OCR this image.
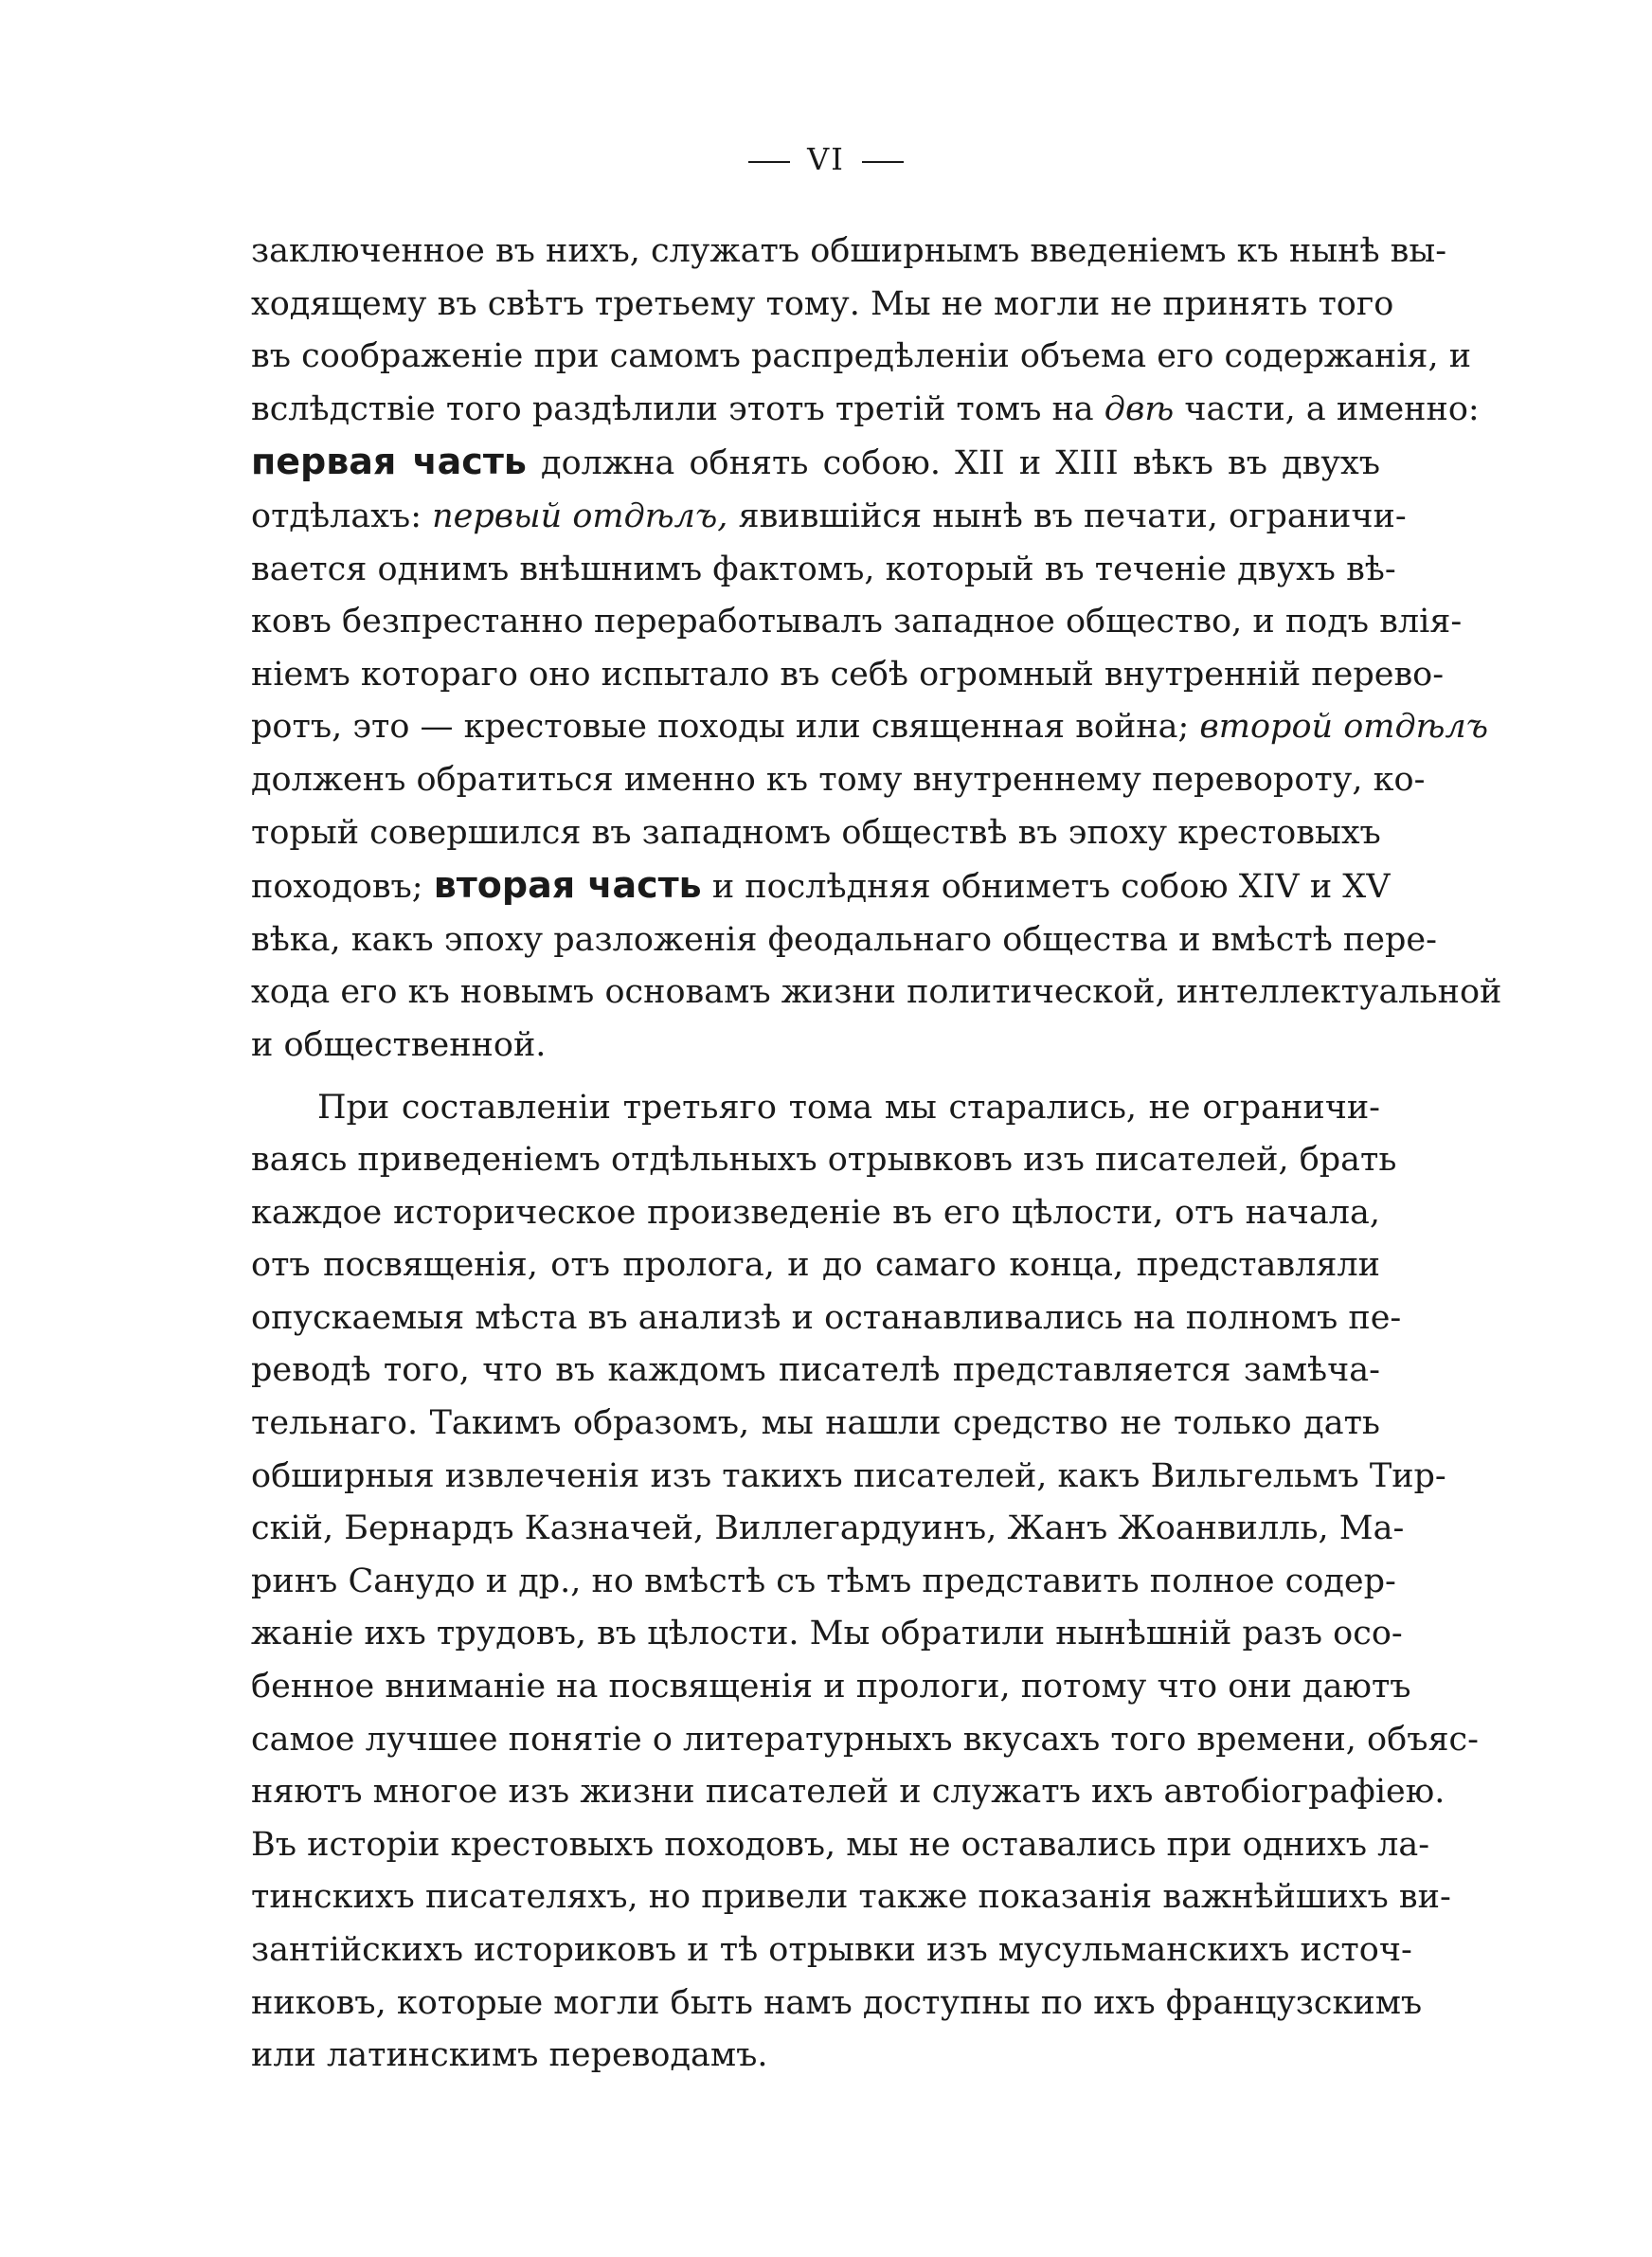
VI
заключенное въ нихъ, служатъ обширнымъ введеніемъ къ нынѣ вы-
ходящему въ свѣтъ третьему тому. Мы не могли не принять того
въ соображеніе при самомъ распредѣленіи объема его содержанія, и
вслѣдствіе того раздѣлили этотъ третій томъ на двѣ части, а именно:
первая часть должна обнять собою. XII и XIII вѣкъ въ двухъ
отдѣлахъ: первый отдѣлъ, явившійся нынѣ въ печати, ограничи-
вается однимъ внѣшнимъ фактомъ, который въ теченіе двухъ вѣ-
ковъ безпрестанно переработывалъ западное общество, и подъ влія-
ніемъ котораго оно испытало въ себѣ огромный внутренній перево-
ротъ, это — крестовые походы или священная война; второй отдѣлъ
долженъ обратиться именно къ тому внутреннему перевороту, ко-
торый совершился въ западномъ обществѣ въ эпоху крестовыхъ
походовъ; вторая часть и послѣдняя обниметъ собою XIV и XV
вѣка, какъ эпоху разложенія феодальнаго общества и вмѣстѣ пере-
хода его къ новымъ основамъ жизни политической, интеллектуальной
и общественной.
При составленіи третьяго тома мы старались, не ограничи-
ваясь приведеніемъ отдѣльныхъ отрывковъ изъ писателей, брать
каждое историческое произведеніе въ его цѣлости, отъ начала,
отъ посвященія, отъ пролога, и до самаго конца, представляли
опускаемыя мѣста въ анализѣ и останавливались на полномъ пе-
реводѣ того, что въ каждомъ писателѣ представляется замѣча-
тельнаго. Такимъ образомъ, мы нашли средство не только дать
обширныя извлеченія изъ такихъ писателей, какъ Вильгельмъ Тир-
скій, Бернардъ Казначей, Виллегардуинъ, Жанъ Жоанвилль, Ма-
ринъ Санудо и др., но вмѣстѣ съ тѣмъ представить полное содер-
жаніе ихъ трудовъ, въ цѣлости. Мы обратили нынѣшній разъ осо-
бенное вниманіе на посвященія и прологи, потому что они даютъ
самое лучшее понятіе о литературныхъ вкусахъ того времени, объяс-
няютъ многое изъ жизни писателей и служатъ ихъ автобіографіею.
Въ исторіи крестовыхъ походовъ, мы не оставались при однихъ ла-
тинскихъ писателяхъ, но привели также показанія важнѣйшихъ ви-
зантійскихъ историковъ и тѣ отрывки изъ мусульманскихъ источ-
никовъ, которые могли быть намъ доступны по ихъ французскимъ
или латинскимъ переводамъ.
